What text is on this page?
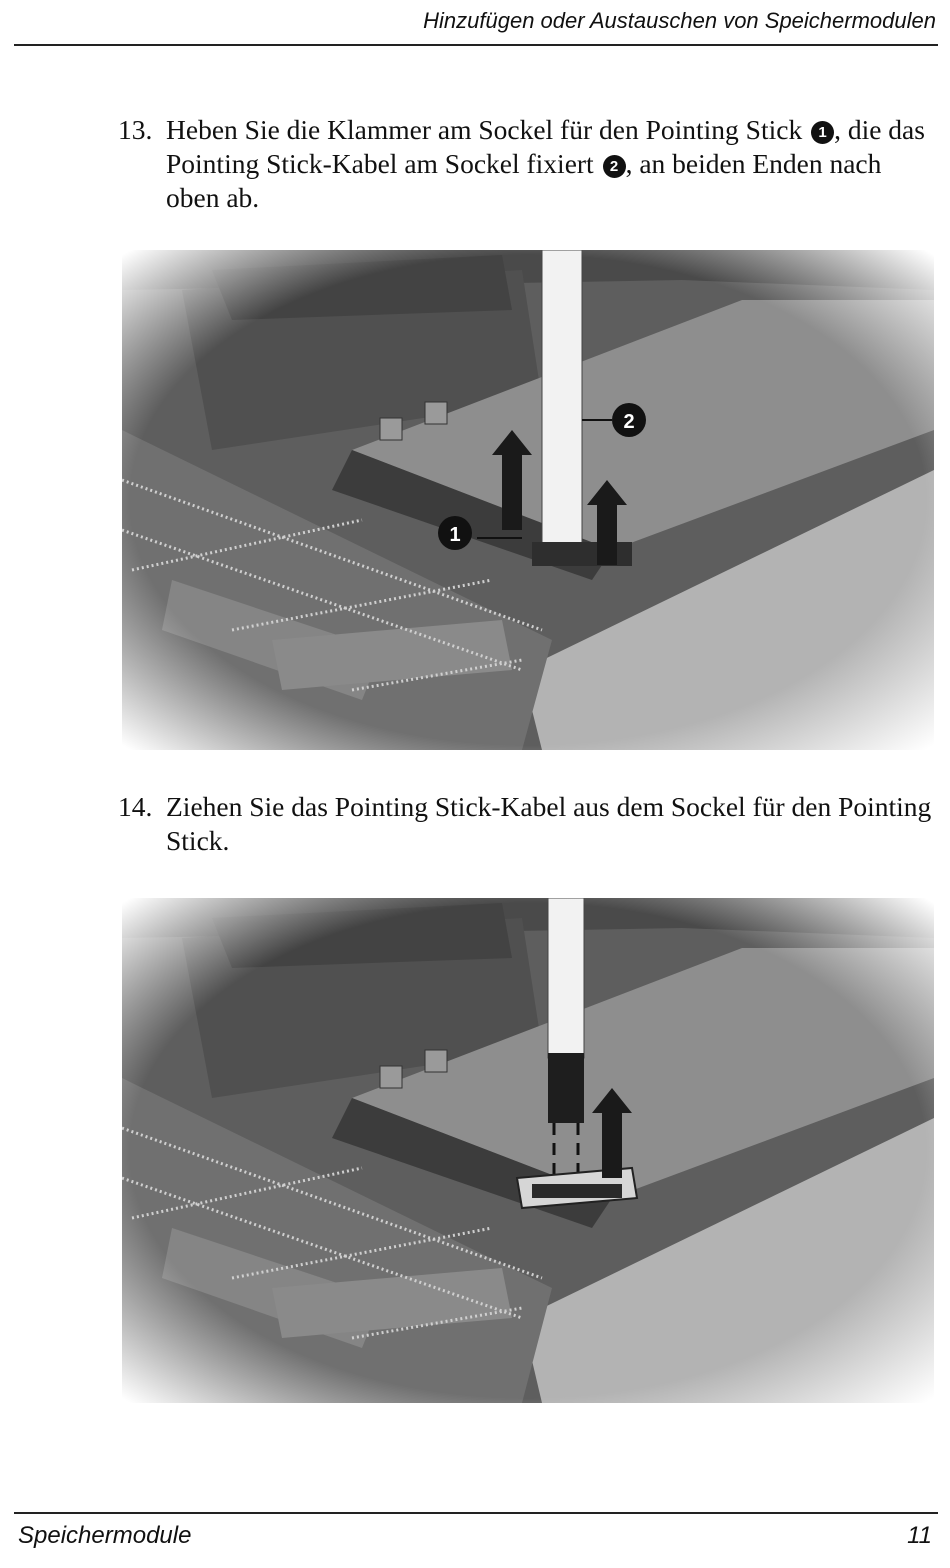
Hinzufügen oder Austauschen von Speichermodulen
13. Heben Sie die Klammer am Sockel für den Pointing Stick 1 , die das Pointing Stick-Kabel am Sockel fixiert 2 , an beiden Enden nach oben ab.
14. Ziehen Sie das Pointing Stick-Kabel aus dem Sockel für den Pointing Stick.
Speichermodule	11
